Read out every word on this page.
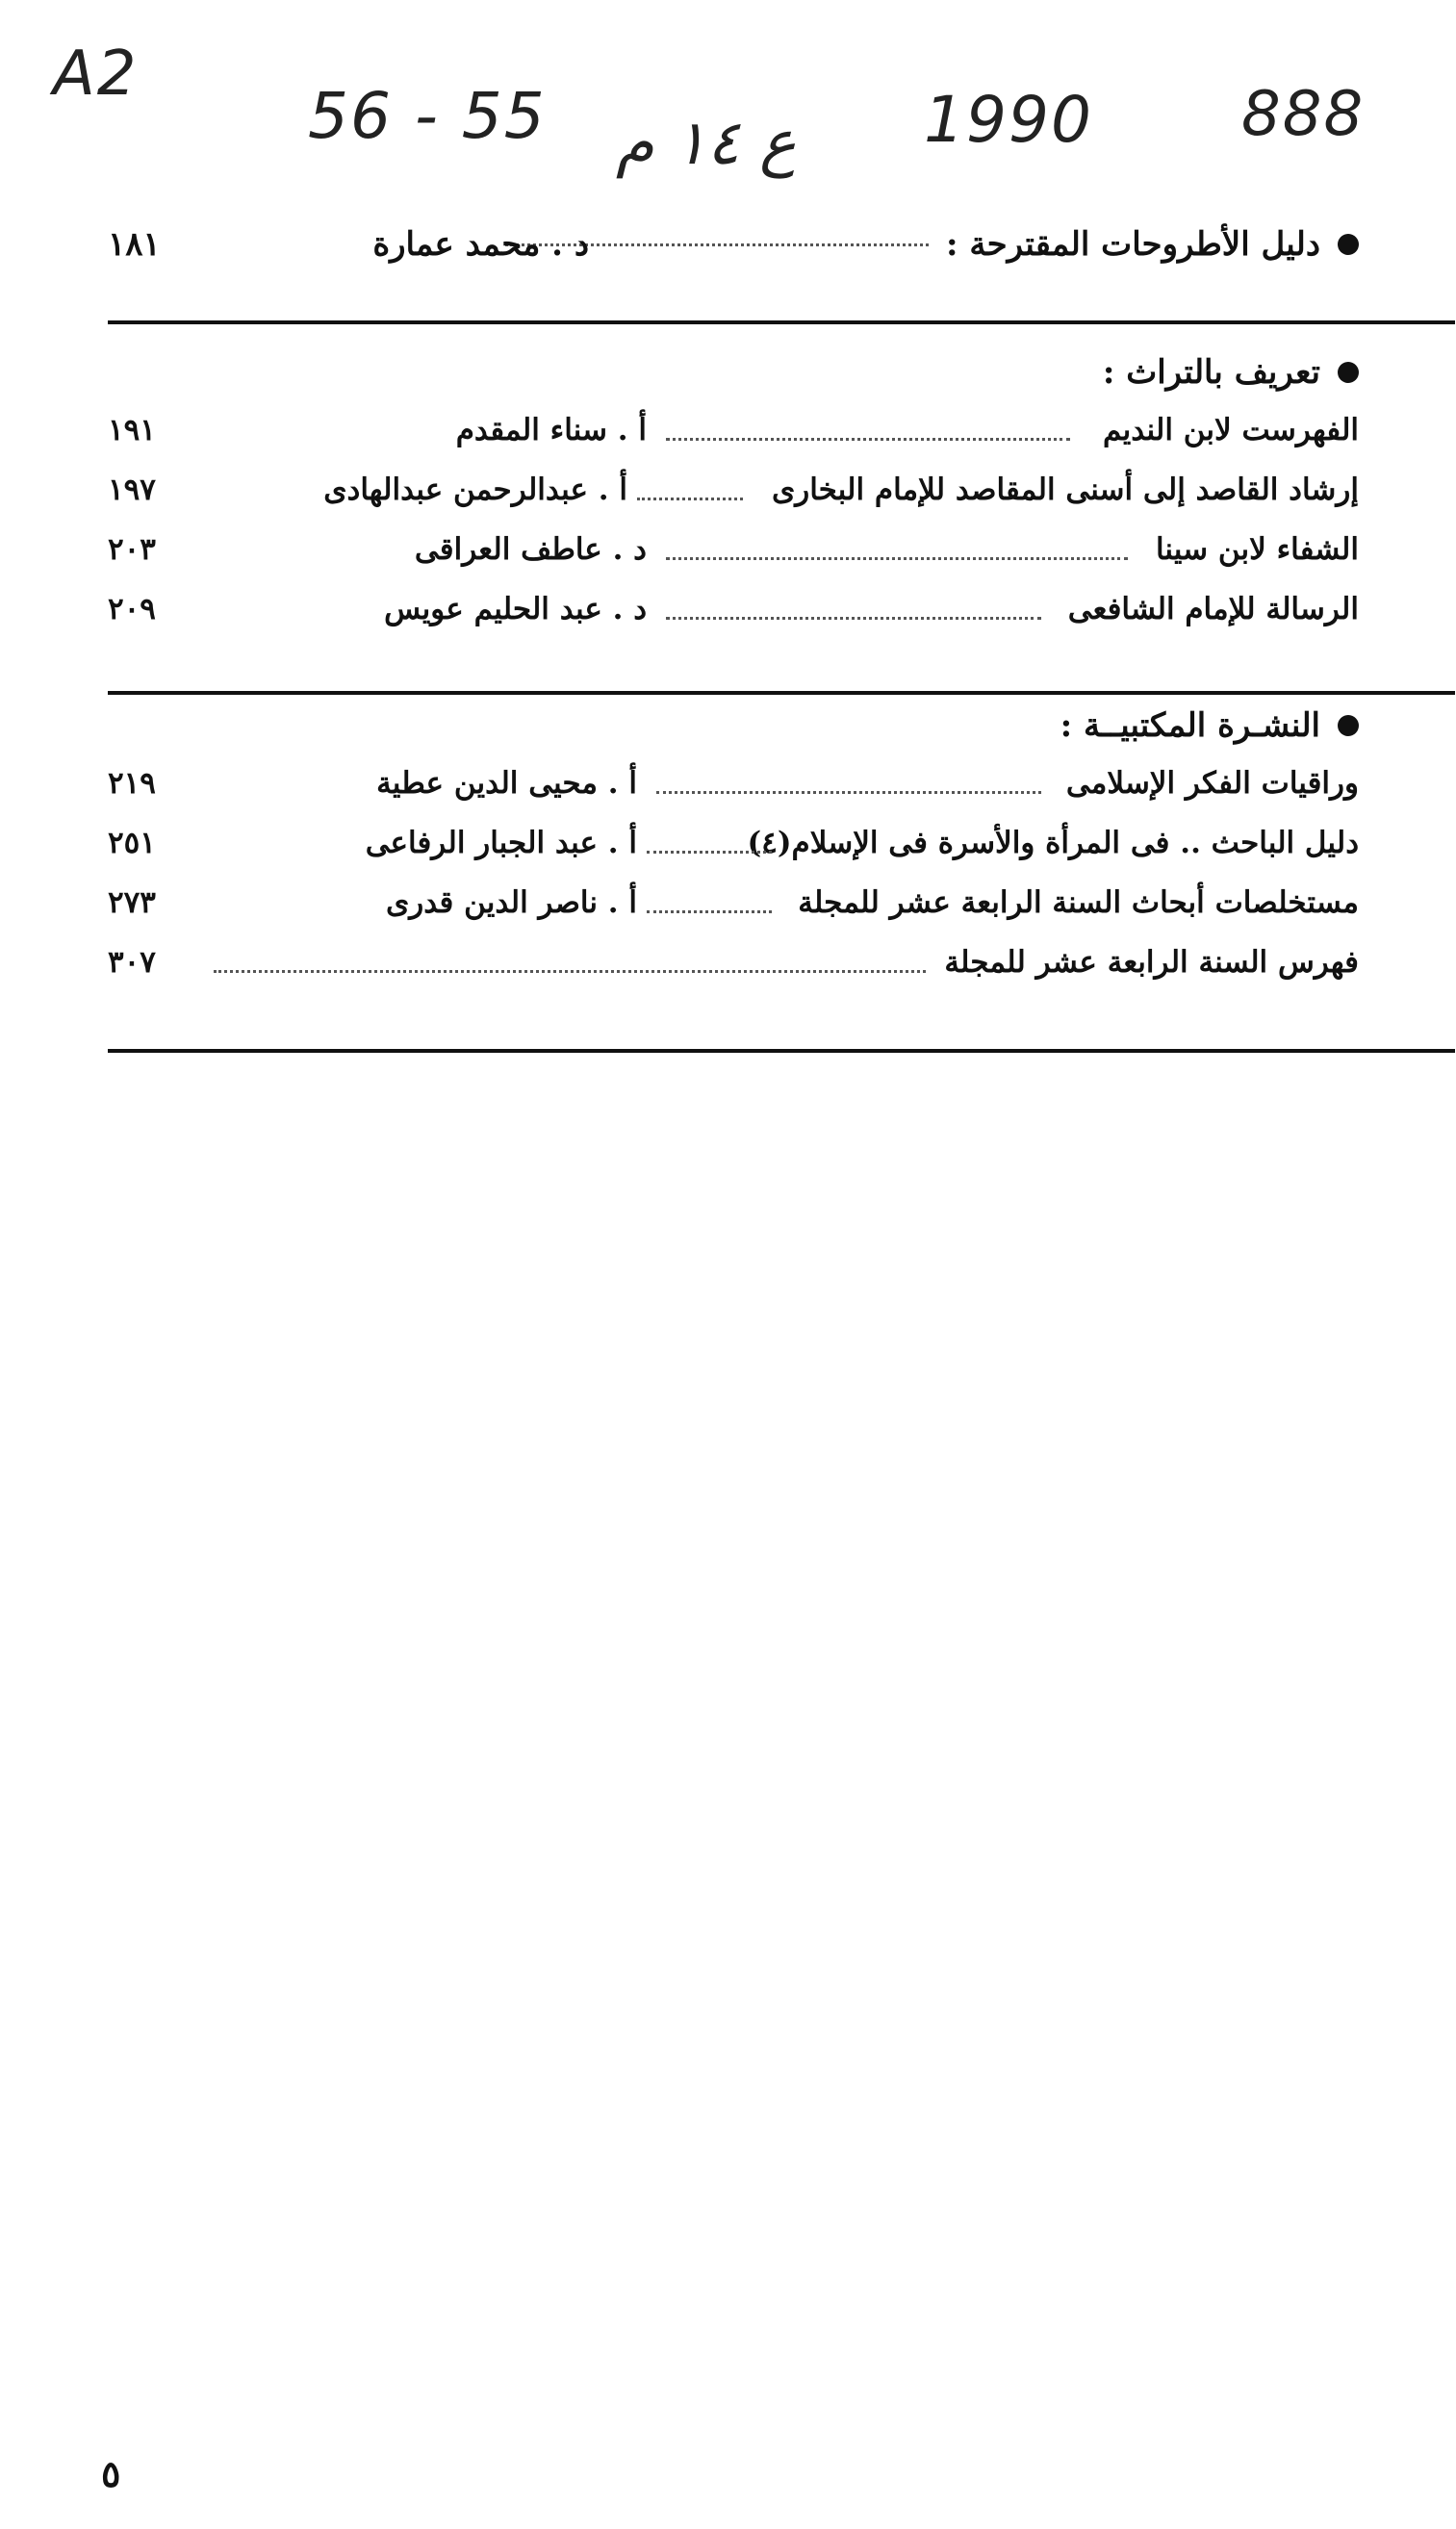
A2
56 - 55 ع ١٤ م 1990 888
دليل الأطروحات المقترحة :
د . محمد عمارة
١٨١
تعريف بالتراث :
الفهرست لابن النديم
أ . سناء المقدم
١٩١
إرشاد القاصد إلى أسنى المقاصد للإمام البخارى
أ . عبدالرحمن عبدالهادى
١٩٧
الشفاء لابن سينا
د . عاطف العراقى
٢٠٣
الرسالة للإمام الشافعى
د . عبد الحليم عويس
٢٠٩
النشـرة المكتبيــة :
وراقيات الفكر الإسلامى
أ . محيى الدين عطية
٢١٩
دليل الباحث .. فى المرأة والأسرة فى الإسلام(٤)
أ . عبد الجبار الرفاعى
٢٥١
مستخلصات أبحاث السنة الرابعة عشر للمجلة
أ . ناصر الدين قدرى
٢٧٣
فهرس السنة الرابعة عشر للمجلة
٣٠٧
٥
